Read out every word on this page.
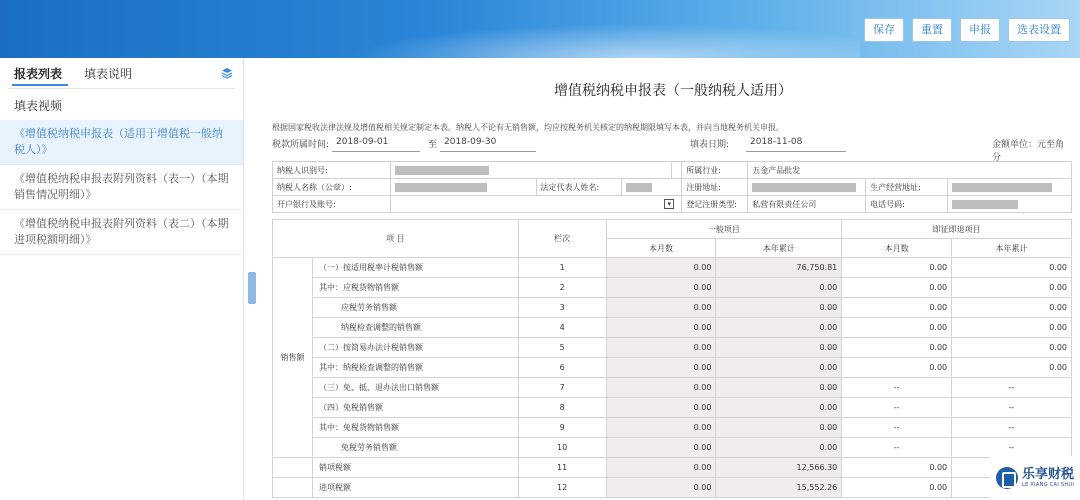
保存	重置	申报	选表设置
报表列表 填表说明
填表视频
《增值税纳税申报表（适用于增值税一般纳税人）》
《增值税纳税申报表附列资料（表一）（本期销售情况明细）》
《增值税纳税申报表附列资料（表二）（本期进项税额明细）》
增值税纳税申报表（一般纳税人适用）
根据国家税收法律法规及增值税相关规定制定本表。纳税人不论有无销售额，均应按税务机关核定的纳税期限填写本表，并向当地税务机关申报。
税款所属时间: 2018-09-01	至 2018-09-30	填表日期: 2018-11-08	金额单位：元至角分
纳税人识别号:					所属行业:	五金产品批发		
纳税人名称（公章）:		法定代表人姓名:			注册地址:		生产经营地址:	
开户银行及账号:	▾				登记注册类型:	私营有限责任公司	电话号码:	
项 目		栏次	一般项目		即征即退项目	
			本月数	本年累计	本月数	本年累计
销售额	（一）按适用税率计税销售额	1	0.00	76,750.81	0.00	0.00
	其中：应税货物销售额	2	0.00	0.00	0.00	0.00
	应税劳务销售额	3	0.00	0.00	0.00	0.00
	纳税检查调整的销售额	4	0.00	0.00	0.00	0.00
	（二）按简易办法计税销售额	5	0.00	0.00	0.00	0.00
	其中：纳税检查调整的销售额	6	0.00	0.00	0.00	0.00
	（三）免、抵、退办法出口销售额	7	0.00	0.00	--	--
	（四）免税销售额	8	0.00	0.00	--	--
	其中：免税货物销售额	9	0.00	0.00	--	--
	免税劳务销售额	10	0.00	0.00	--	--
	销项税额	11	0.00	12,566.30	0.00	
	进项税额	12	0.00	15,552.26	0.00	
乐享财税
LE XIANG CAI SHUI
